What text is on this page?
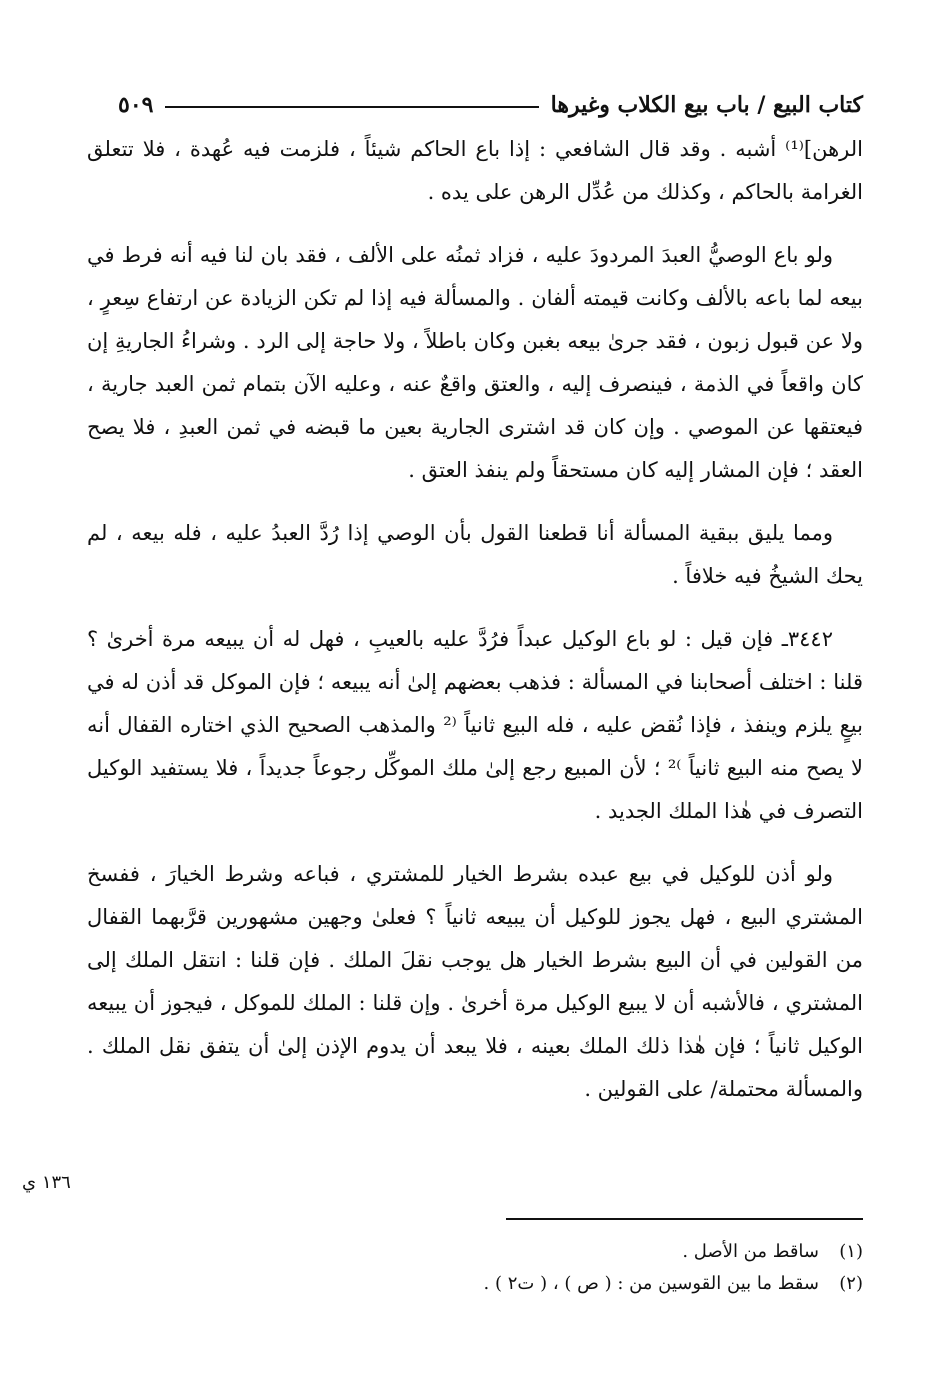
كتاب البيع / باب بيع الكلاب وغيرها
٥٠٩

الرهن]⁽¹⁾ أشبه . وقد قال الشافعي : إذا باع الحاكم شيئاً ، فلزمت فيه عُهدة ، فلا تتعلق الغرامة بالحاكم ، وكذلك من عُدِّل الرهن على يده .

ولو باع الوصيُّ العبدَ المردودَ عليه ، فزاد ثمنُه على الألف ، فقد بان لنا فيه أنه فرط في بيعه لما باعه بالألف وكانت قيمته ألفان . والمسألة فيه إذا لم تكن الزيادة عن ارتفاع سِعرٍ ، ولا عن قبول زبون ، فقد جرىٰ بيعه بغبن وكان باطلاً ، ولا حاجة إلى الرد . وشراءُ الجاريةِ إن كان واقعاً في الذمة ، فينصرف إليه ، والعتق واقعٌ عنه ، وعليه الآن بتمام ثمن العبد جارية ، فيعتقها عن الموصي . وإن كان قد اشترى الجارية بعين ما قبضه في ثمن العبدِ ، فلا يصح العقد ؛ فإن المشار إليه كان مستحقاً ولم ينفذ العتق .

ومما يليق ببقية المسألة أنا قطعنا القول بأن الوصي إذا رُدَّ العبدُ عليه ، فله بيعه ، لم يحك الشيخُ فيه خلافاً .

٣٤٤٢ـ فإن قيل : لو باع الوكيل عبداً فرُدَّ عليه بالعيبِ ، فهل له أن يبيعه مرة أخرىٰ ؟ قلنا : اختلف أصحابنا في المسألة : فذهب بعضهم إلىٰ أنه يبيعه ؛ فإن الموكل قد أذن له في بيعٍ يلزم وينفذ ، فإذا نُقض عليه ، فله البيع ثانياً ⁽² والمذهب الصحيح الذي اختاره القفال أنه لا يصح منه البيع ثانياً ⁾² ؛ لأن المبيع رجع إلىٰ ملك الموكِّل رجوعاً جديداً ، فلا يستفيد الوكيل التصرف في هٰذا الملك الجديد .

ولو أذن للوكيل في بيع عبده بشرط الخيار للمشتري ، فباعه وشرط الخيارَ ، ففسخ المشتري البيع ، فهل يجوز للوكيل أن يبيعه ثانياً ؟ فعلىٰ وجهين مشهورين قرَّبهما القفال من القولين في أن البيع بشرط الخيار هل يوجب نقلَ الملك . فإن قلنا : انتقل الملك إلى المشتري ، فالأشبه أن لا يبيع الوكيل مرة أخرىٰ . وإن قلنا : الملك للموكل ، فيجوز أن يبيعه الوكيل ثانياً ؛ فإن هٰذا ذلك الملك بعينه ، فلا يبعد أن يدوم الإذن إلىٰ أن يتفق نقل الملك . والمسألة محتملة/ على القولين .

١٣٦ ي
(١)
ساقط من الأصل .
(٢)
سقط ما بين القوسين من : ( ص ) ، ( ت٢ ) .
